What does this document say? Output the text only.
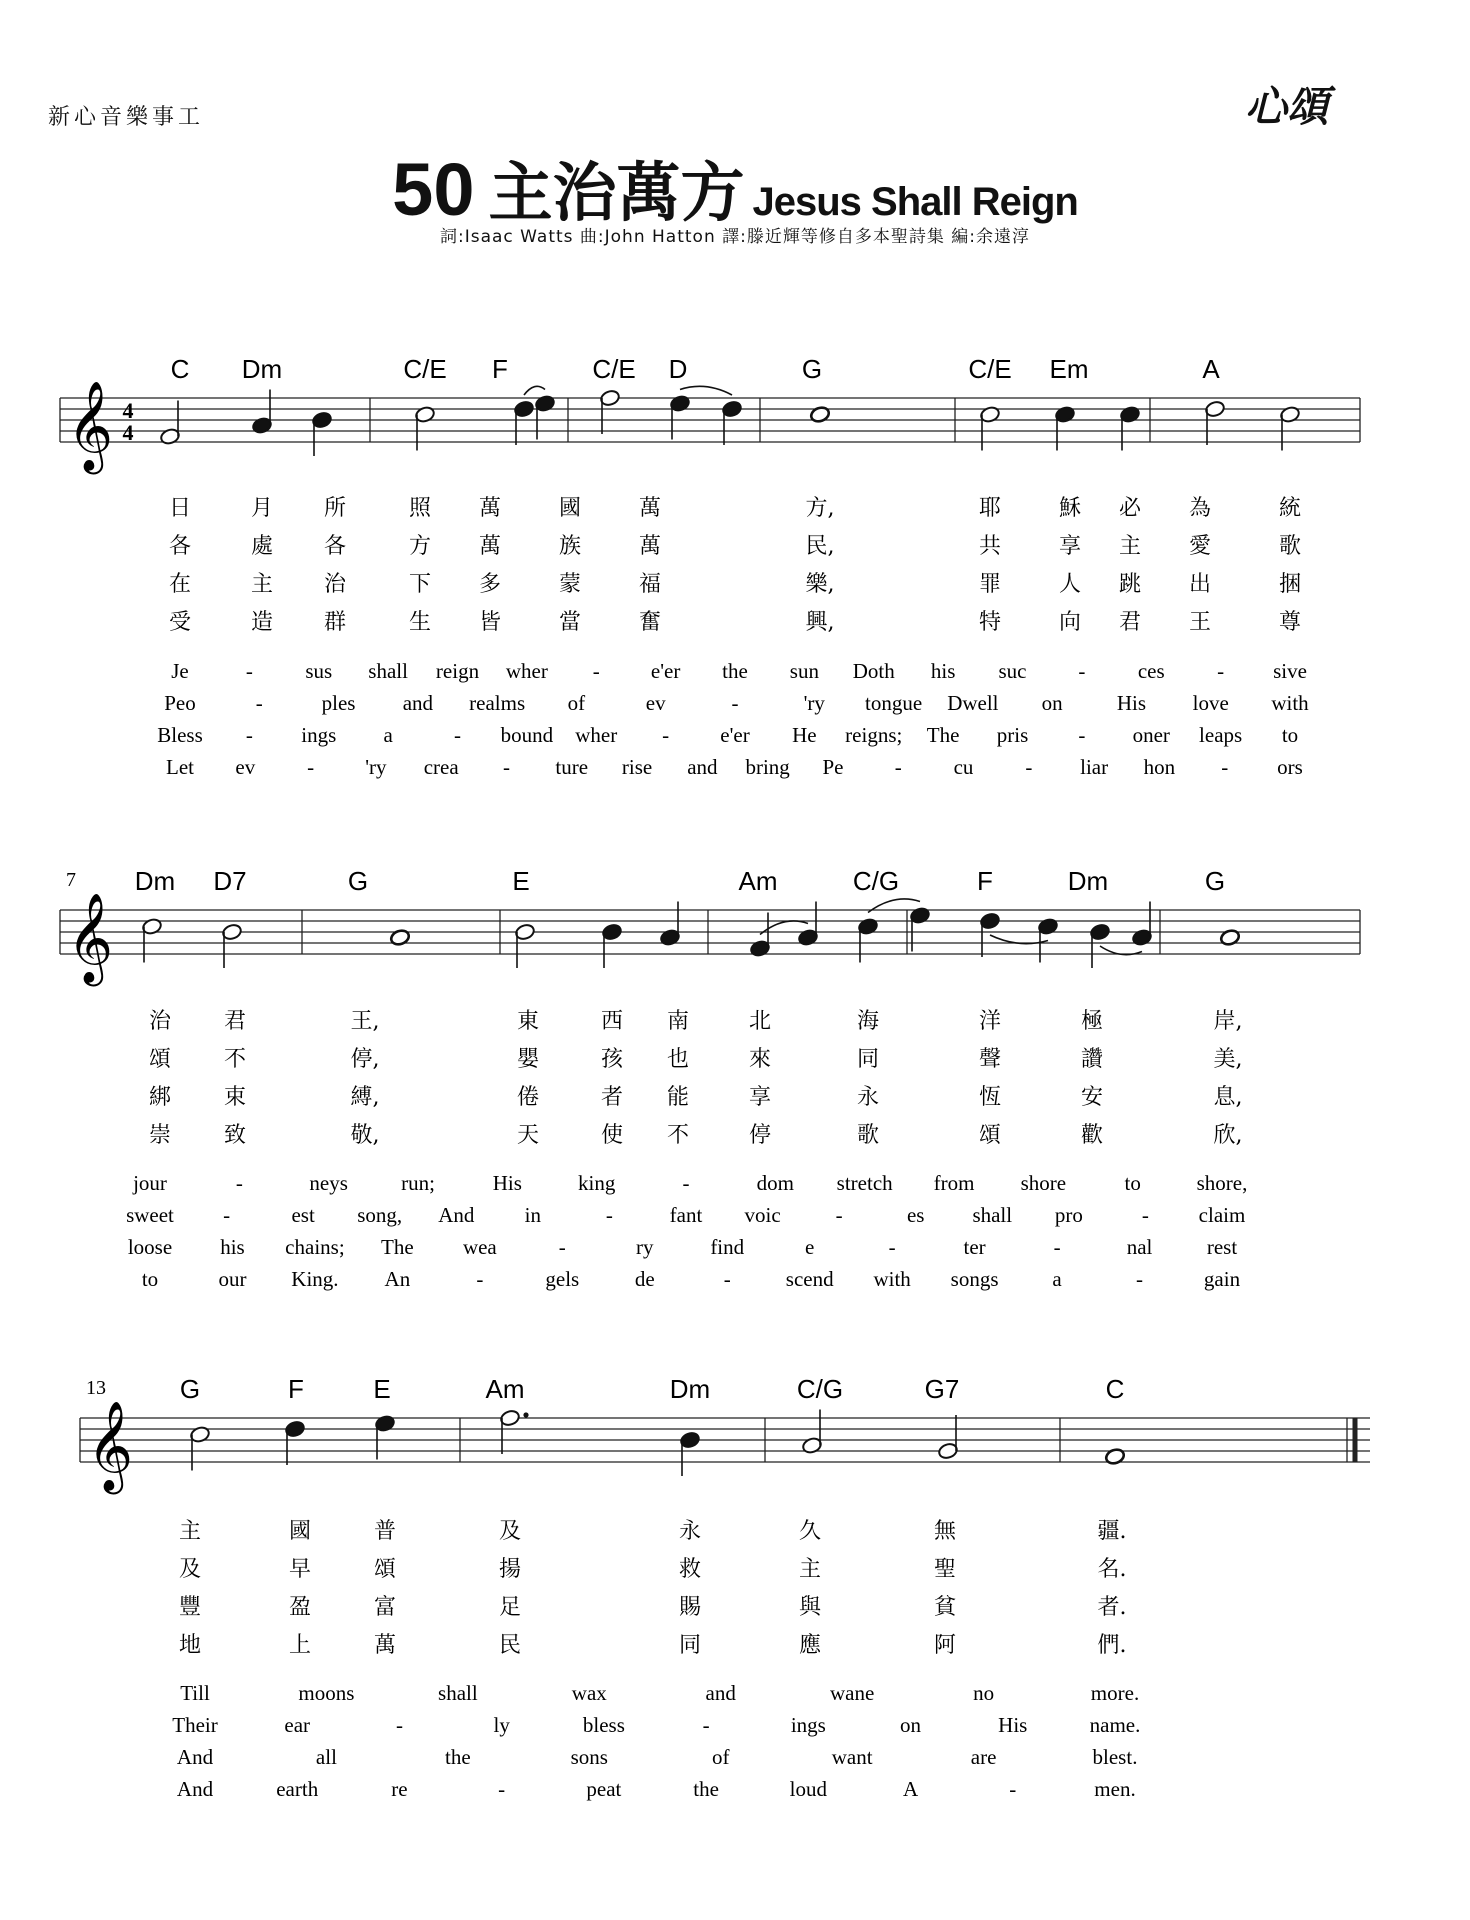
新心音樂事工	心頌
50 主治萬方 Jesus Shall Reign
詞:Isaac Watts 曲:John Hatton 譯:滕近輝等修自多本聖詩集 編:余遠淳
𝄞 4
4
C Dm	C/E F	C/E D	G	C/E Em	A
日	月 所	照 萬	國	萬	方,	耶	穌 必 為	統
各	處 各	方 萬	族	萬	民,	共	享 主 愛	歌
在	主 治	下 多	蒙	福	樂,	罪	人 跳 出	捆
受	造 群	生 皆	當	奮	興,	特	向 君 王	尊
Je	- sus shall reign wher - e'er the sun Doth his suc - ces - sive
Peo	-	ples and realms of	ev	-	'ry tongue Dwell on	His love with
Bless - ings a	- bound wher - e'er He reigns; The pris - oner leaps to
Let ev - 'ry crea - ture rise and bring Pe - cu - liar hon - ors
𝄞
7 Dm D7	G	E	Am	C/G	F	Dm	G
治 君	王,	東	西 南	北	海	洋	極	岸,
頌 不	停,	嬰	孩 也	來	同	聲	讚	美,
綁 束	縛,	倦	者 能	享	永	恆	安	息,
崇 致	敬,	天	使 不	停	歌	頌	歡	欣,
jour	-	neys	run;	His	king	-	dom stretch from shore	to	shore,
sweet -	est song, And in	-	fant voic	-	es shall pro	- claim
loose his chains; The wea	-	ry	find	e	-	ter	-	nal	rest
to	our King. An	-	gels	de	-	scend with songs	a	-	gain
𝄞
13	G	F	E	Am	Dm	C/G	G7	C
主	國	普	及	永	久	無	疆.
及	早	頌	揚	救	主	聖	名.
豐	盈	富	足	賜	與	貧	者.
地	上	萬	民	同	應	阿	們.
Till	moons	shall	wax	and	wane	no	more.
Their	ear	-	ly	bless	-	ings	on	His	name.
And	all	the	sons	of	want	are	blest.
And	earth	re	-	peat	the	loud	A	-	men.
